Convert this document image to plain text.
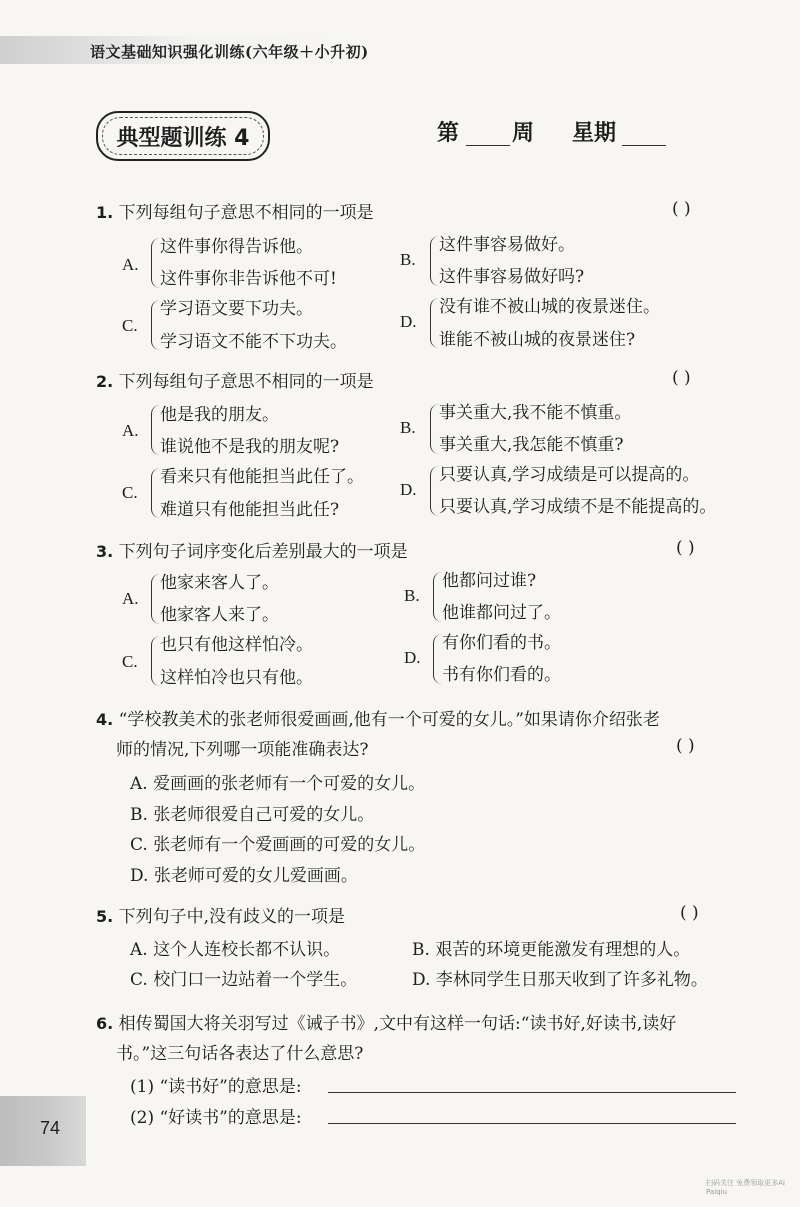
语文基础知识强化训练(六年级＋小升初)
典型题训练 4	第 周 星期
1. 下列每组句子意思不相同的一项是	( )
A.
这件事你得告诉他。
这件事你非告诉他不可!
B.
这件事容易做好。
这件事容易做好吗?
C.
学习语文要下功夫。
学习语文不能不下功夫。
D.
没有谁不被山城的夜景迷住。
谁能不被山城的夜景迷住?
2. 下列每组句子意思不相同的一项是	( )
A.
他是我的朋友。
谁说他不是我的朋友呢?
B.
事关重大,我不能不慎重。
事关重大,我怎能不慎重?
C.
看来只有他能担当此任了。
难道只有他能担当此任?
D.
只要认真,学习成绩是可以提高的。
只要认真,学习成绩不是不能提高的。
3. 下列句子词序变化后差别最大的一项是	( )
A.
他家来客人了。
他家客人来了。
B.
他都问过谁?
他谁都问过了。
C.
也只有他这样怕冷。
这样怕冷也只有他。
D.
有你们看的书。
书有你们看的。
4. “学校教美术的张老师很爱画画,他有一个可爱的女儿。”如果请你介绍张老
师的情况,下列哪一项能准确表达?	( )
A. 爱画画的张老师有一个可爱的女儿。
B. 张老师很爱自己可爱的女儿。
C. 张老师有一个爱画画的可爱的女儿。
D. 张老师可爱的女儿爱画画。
5. 下列句子中,没有歧义的一项是	( )
A. 这个人连校长都不认识。	B. 艰苦的环境更能激发有理想的人。
C. 校门口一边站着一个学生。	D. 李林同学生日那天收到了许多礼物。
6. 相传蜀国大将关羽写过《诫子书》,文中有这样一句话:“读书好,好读书,读好
书。”这三句话各表达了什么意思?
(1) “读书好”的意思是:
(2) “好读书”的意思是:
74
扫码关注 免费领取更多Ai Paiqiu
